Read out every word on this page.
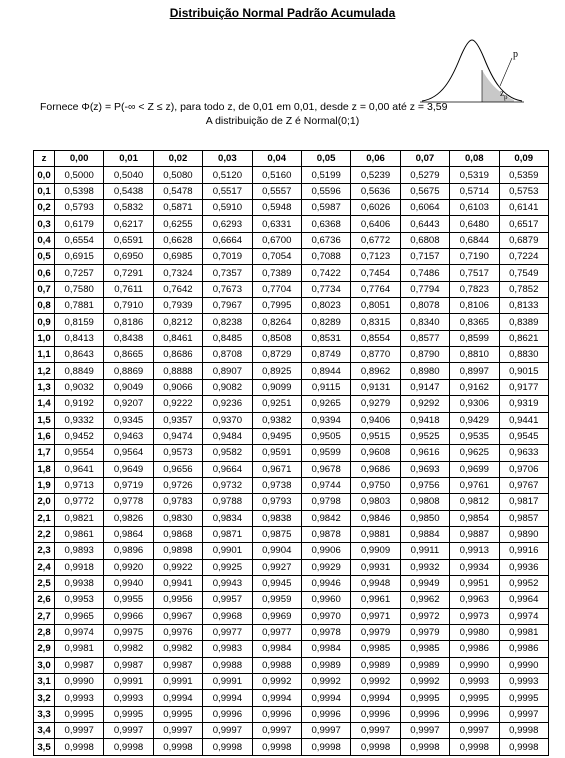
Distribuição Normal Padrão Acumulada
p
$z_p$
Fornece Φ(z) = P(-∞ < Z ≤ z), para todo z, de 0,01 em 0,01, desde z = 0,00 até z = 3,59
A distribuição de Z é Normal(0;1)
z	0,00	0,01	0,02	0,03	0,04	0,05	0,06	0,07	0,08	0,09
0,0	0,5000	0,5040	0,5080	0,5120	0,5160	0,5199	0,5239	0,5279	0,5319	0,5359
0,1	0,5398	0,5438	0,5478	0,5517	0,5557	0,5596	0,5636	0,5675	0,5714	0,5753
0,2	0,5793	0,5832	0,5871	0,5910	0,5948	0,5987	0,6026	0,6064	0,6103	0,6141
0,3	0,6179	0,6217	0,6255	0,6293	0,6331	0,6368	0,6406	0,6443	0,6480	0,6517
0,4	0,6554	0,6591	0,6628	0,6664	0,6700	0,6736	0,6772	0,6808	0,6844	0,6879
0,5	0,6915	0,6950	0,6985	0,7019	0,7054	0,7088	0,7123	0,7157	0,7190	0,7224
0,6	0,7257	0,7291	0,7324	0,7357	0,7389	0,7422	0,7454	0,7486	0,7517	0,7549
0,7	0,7580	0,7611	0,7642	0,7673	0,7704	0,7734	0,7764	0,7794	0,7823	0,7852
0,8	0,7881	0,7910	0,7939	0,7967	0,7995	0,8023	0,8051	0,8078	0,8106	0,8133
0,9	0,8159	0,8186	0,8212	0,8238	0,8264	0,8289	0,8315	0,8340	0,8365	0,8389
1,0	0,8413	0,8438	0,8461	0,8485	0,8508	0,8531	0,8554	0,8577	0,8599	0,8621
1,1	0,8643	0,8665	0,8686	0,8708	0,8729	0,8749	0,8770	0,8790	0,8810	0,8830
1,2	0,8849	0,8869	0,8888	0,8907	0,8925	0,8944	0,8962	0,8980	0,8997	0,9015
1,3	0,9032	0,9049	0,9066	0,9082	0,9099	0,9115	0,9131	0,9147	0,9162	0,9177
1,4	0,9192	0,9207	0,9222	0,9236	0,9251	0,9265	0,9279	0,9292	0,9306	0,9319
1,5	0,9332	0,9345	0,9357	0,9370	0,9382	0,9394	0,9406	0,9418	0,9429	0,9441
1,6	0,9452	0,9463	0,9474	0,9484	0,9495	0,9505	0,9515	0,9525	0,9535	0,9545
1,7	0,9554	0,9564	0,9573	0,9582	0,9591	0,9599	0,9608	0,9616	0,9625	0,9633
1,8	0,9641	0,9649	0,9656	0,9664	0,9671	0,9678	0,9686	0,9693	0,9699	0,9706
1,9	0,9713	0,9719	0,9726	0,9732	0,9738	0,9744	0,9750	0,9756	0,9761	0,9767
2,0	0,9772	0,9778	0,9783	0,9788	0,9793	0,9798	0,9803	0,9808	0,9812	0,9817
2,1	0,9821	0,9826	0,9830	0,9834	0,9838	0,9842	0,9846	0,9850	0,9854	0,9857
2,2	0,9861	0,9864	0,9868	0,9871	0,9875	0,9878	0,9881	0,9884	0,9887	0,9890
2,3	0,9893	0,9896	0,9898	0,9901	0,9904	0,9906	0,9909	0,9911	0,9913	0,9916
2,4	0,9918	0,9920	0,9922	0,9925	0,9927	0,9929	0,9931	0,9932	0,9934	0,9936
2,5	0,9938	0,9940	0,9941	0,9943	0,9945	0,9946	0,9948	0,9949	0,9951	0,9952
2,6	0,9953	0,9955	0,9956	0,9957	0,9959	0,9960	0,9961	0,9962	0,9963	0,9964
2,7	0,9965	0,9966	0,9967	0,9968	0,9969	0,9970	0,9971	0,9972	0,9973	0,9974
2,8	0,9974	0,9975	0,9976	0,9977	0,9977	0,9978	0,9979	0,9979	0,9980	0,9981
2,9	0,9981	0,9982	0,9982	0,9983	0,9984	0,9984	0,9985	0,9985	0,9986	0,9986
3,0	0,9987	0,9987	0,9987	0,9988	0,9988	0,9989	0,9989	0,9989	0,9990	0,9990
3,1	0,9990	0,9991	0,9991	0,9991	0,9992	0,9992	0,9992	0,9992	0,9993	0,9993
3,2	0,9993	0,9993	0,9994	0,9994	0,9994	0,9994	0,9994	0,9995	0,9995	0,9995
3,3	0,9995	0,9995	0,9995	0,9996	0,9996	0,9996	0,9996	0,9996	0,9996	0,9997
3,4	0,9997	0,9997	0,9997	0,9997	0,9997	0,9997	0,9997	0,9997	0,9997	0,9998
3,5	0,9998	0,9998	0,9998	0,9998	0,9998	0,9998	0,9998	0,9998	0,9998	0,9998
